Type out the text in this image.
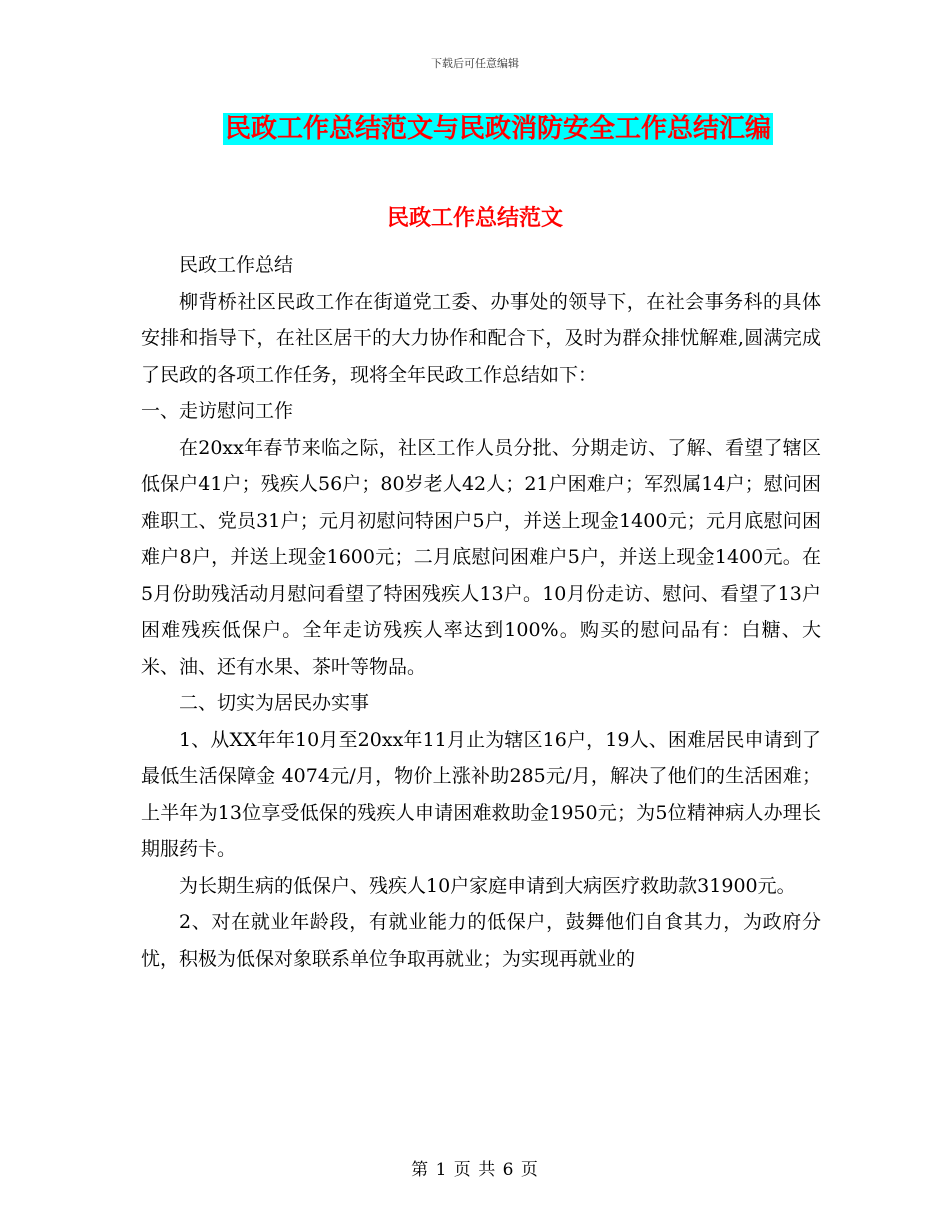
下载后可任意编辑
民政工作总结范文与民政消防安全工作总结汇编
民政工作总结范文

民政工作总结

柳背桥社区民政工作在街道党工委、办事处的领导下，在社会事务科的具体安排和指导下，在社区居干的大力协作和配合下，及时为群众排忧解难,圆满完成了民政的各项工作任务，现将全年民政工作总结如下：

一、走访慰问工作

在20xx年春节来临之际，社区工作人员分批、分期走访、了解、看望了辖区低保户41户；残疾人56户；80岁老人42人；21户困难户；军烈属14户；慰问困难职工、党员31户；元月初慰问特困户5户，并送上现金1400元；元月底慰问困难户8户，并送上现金1600元；二月底慰问困难户5户，并送上现金1400元。在5月份助残活动月慰问看望了特困残疾人13户。10月份走访、慰问、看望了13户困难残疾低保户。全年走访残疾人率达到100%。购买的慰问品有：白糖、大米、油、还有水果、茶叶等物品。

二、切实为居民办实事

1、从XX年年10月至20xx年11月止为辖区16户，19人、困难居民申请到了最低生活保障金 4074元/月，物价上涨补助285元/月，解决了他们的生活困难；上半年为13位享受低保的残疾人申请困难救助金1950元；为5位精神病人办理长期服药卡。

为长期生病的低保户、残疾人10户家庭申请到大病医疗救助款31900元。

2、对在就业年龄段，有就业能力的低保户，鼓舞他们自食其力，为政府分忧，积极为低保对象联系单位争取再就业；为实现再就业的

第 1 页 共 6 页
